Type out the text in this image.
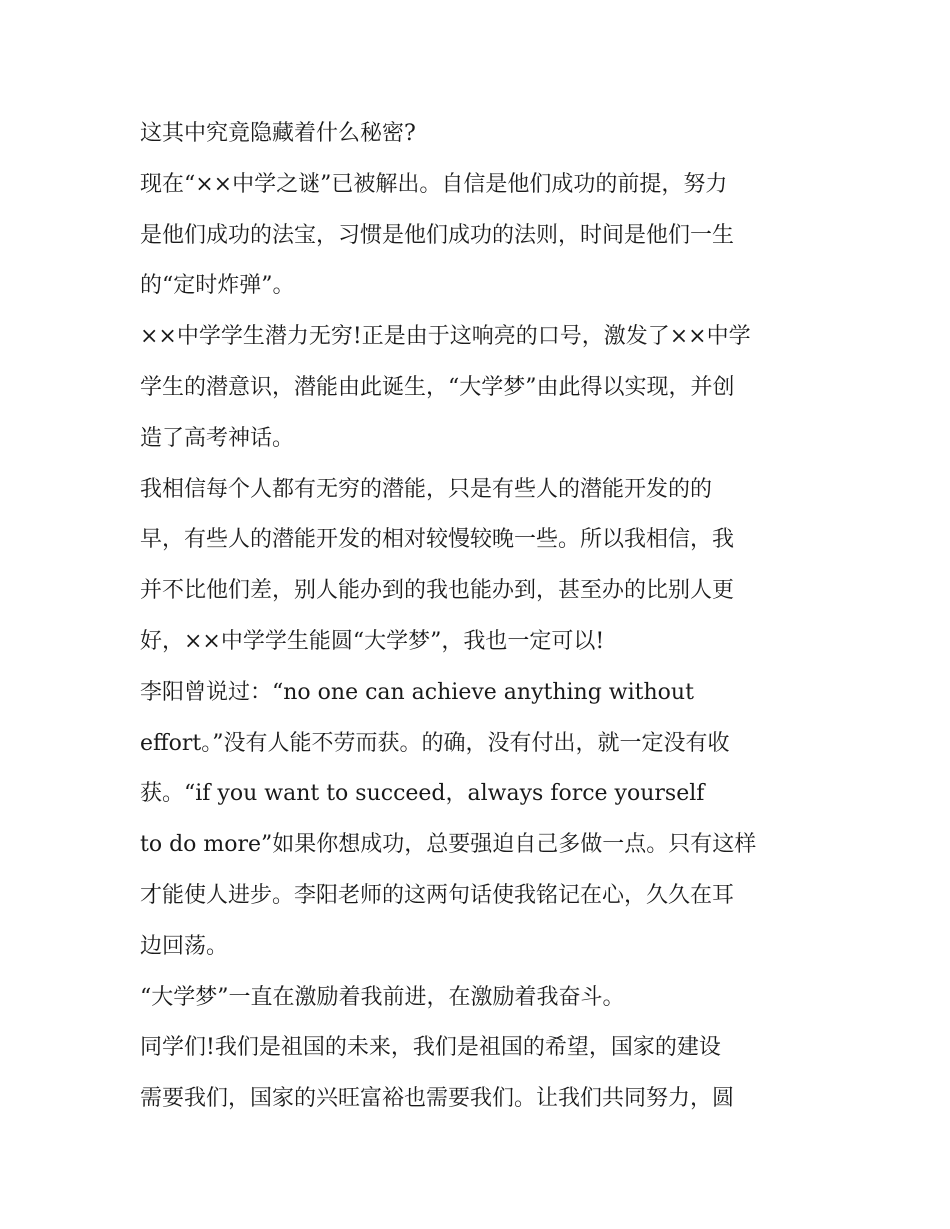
这其中究竟隐藏着什么秘密?
现在“××中学之谜”已被解出。自信是他们成功的前提，努力
是他们成功的法宝，习惯是他们成功的法则，时间是他们一生
的“定时炸弹”。
××中学学生潜力无穷!正是由于这响亮的口号，激发了××中学
学生的潜意识，潜能由此诞生，“大学梦”由此得以实现，并创
造了高考神话。
我相信每个人都有无穷的潜能，只是有些人的潜能开发的的
早，有些人的潜能开发的相对较慢较晚一些。所以我相信，我
并不比他们差，别人能办到的我也能办到，甚至办的比别人更
好，××中学学生能圆“大学梦”，我也一定可以!
李阳曾说过：“no one can achieve anything without
effort。”没有人能不劳而获。的确，没有付出，就一定没有收
获。“if you want to succeed，always force yourself
to do more”如果你想成功，总要强迫自己多做一点。只有这样
才能使人进步。李阳老师的这两句话使我铭记在心，久久在耳
边回荡。
“大学梦”一直在激励着我前进，在激励着我奋斗。
同学们!我们是祖国的未来，我们是祖国的希望，国家的建设
需要我们，国家的兴旺富裕也需要我们。让我们共同努力，圆
